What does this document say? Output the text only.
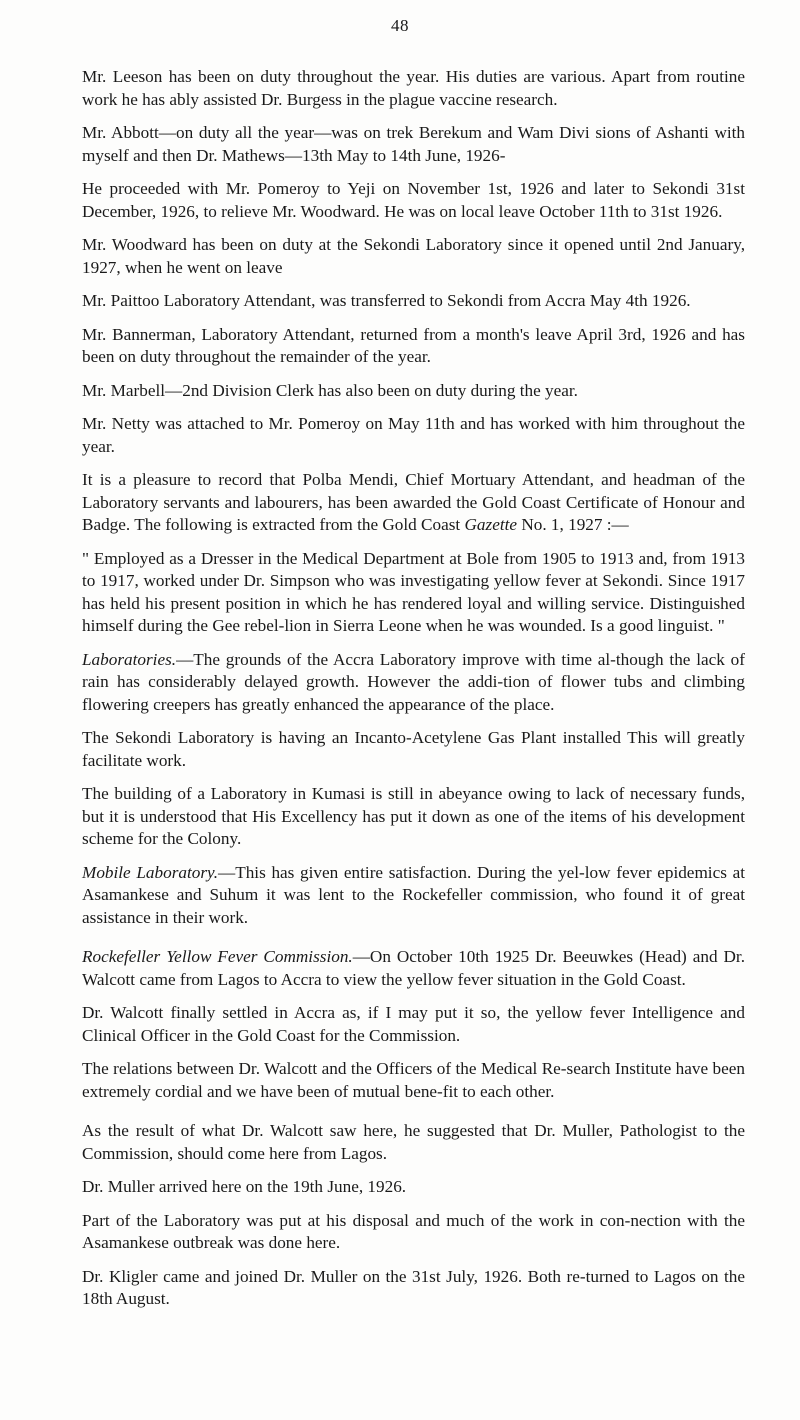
48

Mr. Leeson has been on duty throughout the year. His duties are various. Apart from routine work he has ably assisted Dr. Burgess in the plague vaccine research.

Mr. Abbott—on duty all the year—was on trek Berekum and Wam Divi sions of Ashanti with myself and then Dr. Mathews—13th May to 14th June, 1926-

He proceeded with Mr. Pomeroy to Yeji on November 1st, 1926 and later to Sekondi 31st December, 1926, to relieve Mr. Woodward. He was on local leave October 11th to 31st 1926.

Mr. Woodward has been on duty at the Sekondi Laboratory since it opened until 2nd January, 1927, when he went on leave

Mr. Paittoo Laboratory Attendant, was transferred to Sekondi from Accra May 4th 1926.

Mr. Bannerman, Laboratory Attendant, returned from a month's leave April 3rd, 1926 and has been on duty throughout the remainder of the year.

Mr. Marbell—2nd Division Clerk has also been on duty during the year.

Mr. Netty was attached to Mr. Pomeroy on May 11th and has worked with him throughout the year.

It is a pleasure to record that Polba Mendi, Chief Mortuary Attendant, and headman of the Laboratory servants and labourers, has been awarded the Gold Coast Certificate of Honour and Badge. The following is extracted from the Gold Coast Gazette No. 1, 1927 :—

" Employed as a Dresser in the Medical Department at Bole from 1905 to 1913 and, from 1913 to 1917, worked under Dr. Simpson who was investigating yellow fever at Sekondi. Since 1917 has held his present position in which he has rendered loyal and willing service. Distinguished himself during the Gee rebel-lion in Sierra Leone when he was wounded. Is a good linguist. "

Laboratories.—The grounds of the Accra Laboratory improve with time al-though the lack of rain has considerably delayed growth. However the addi-tion of flower tubs and climbing flowering creepers has greatly enhanced the appearance of the place.

The Sekondi Laboratory is having an Incanto-Acetylene Gas Plant installed This will greatly facilitate work.

The building of a Laboratory in Kumasi is still in abeyance owing to lack of necessary funds, but it is understood that His Excellency has put it down as one of the items of his development scheme for the Colony.

Mobile Laboratory.—This has given entire satisfaction. During the yel-low fever epidemics at Asamankese and Suhum it was lent to the Rockefeller commission, who found it of great assistance in their work.

Rockefeller Yellow Fever Commission.—On October 10th 1925 Dr. Beeuwkes (Head) and Dr. Walcott came from Lagos to Accra to view the yellow fever situation in the Gold Coast.

Dr. Walcott finally settled in Accra as, if I may put it so, the yellow fever Intelligence and Clinical Officer in the Gold Coast for the Commission.

The relations between Dr. Walcott and the Officers of the Medical Re-search Institute have been extremely cordial and we have been of mutual bene-fit to each other.

As the result of what Dr. Walcott saw here, he suggested that Dr. Muller, Pathologist to the Commission, should come here from Lagos.

Dr. Muller arrived here on the 19th June, 1926.

Part of the Laboratory was put at his disposal and much of the work in con-nection with the Asamankese outbreak was done here.

Dr. Kligler came and joined Dr. Muller on the 31st July, 1926. Both re-turned to Lagos on the 18th August.
